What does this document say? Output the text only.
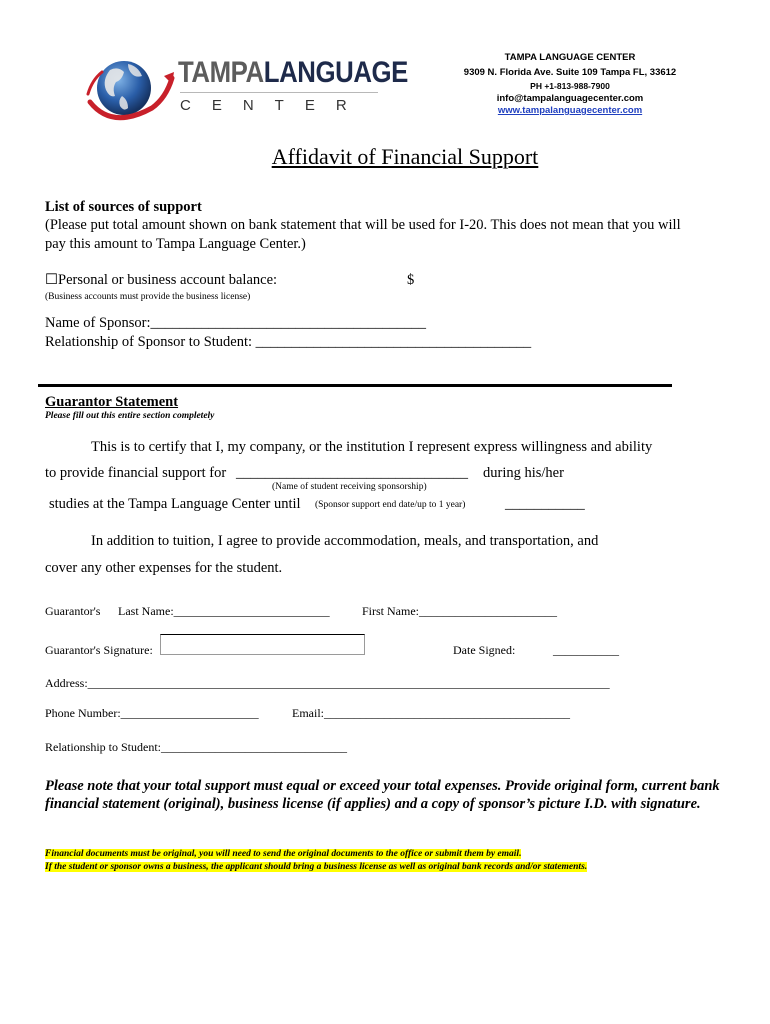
TAMPALANGUAGE
CENTER
TAMPA LANGUAGE CENTER
9309 N. Florida Ave. Suite 109 Tampa FL, 33612
PH +1-813-988-7900
info@tampalanguagecenter.com
www.tampalanguagecenter.com
Affidavit of Financial Support
List of sources of support
(Please put total amount shown on bank statement that will be used for I-20. This does not mean that you will
pay this amount to Tampa Language Center.)
☐Personal or business account balance:	$
(Business accounts must provide the business license)
Name of Sponsor:______________________________________
Relationship of Sponsor to Student: ______________________________________
Guarantor Statement
Please fill out this entire section completely
This is to certify that I, my company, or the institution I represent express willingness and ability
to provide financial support for ________________________________ during his/her
(Name of student receiving sponsorship)
studies at the Tampa Language Center until (Sponsor support end date/up to 1 year)	___________
In addition to tuition, I agree to provide accommodation, meals, and transportation, and
cover any other expenses for the student.
Guarantor's Last Name:__________________________	First Name:_______________________
Guarantor's Signature:	Date Signed:	___________
Address:_______________________________________________________________________________________
Phone Number:_______________________	Email:_________________________________________
Relationship to Student:_______________________________
Please note that your total support must equal or exceed your total expenses. Provide original form, current bank financial statement (original), business license (if applies) and a copy of sponsor’s picture I.D. with signature.
Financial documents must be original, you will need to send the original documents to the office or submit them by email.
If the student or sponsor owns a business, the applicant should bring a business license as well as original bank records and/or statements.
